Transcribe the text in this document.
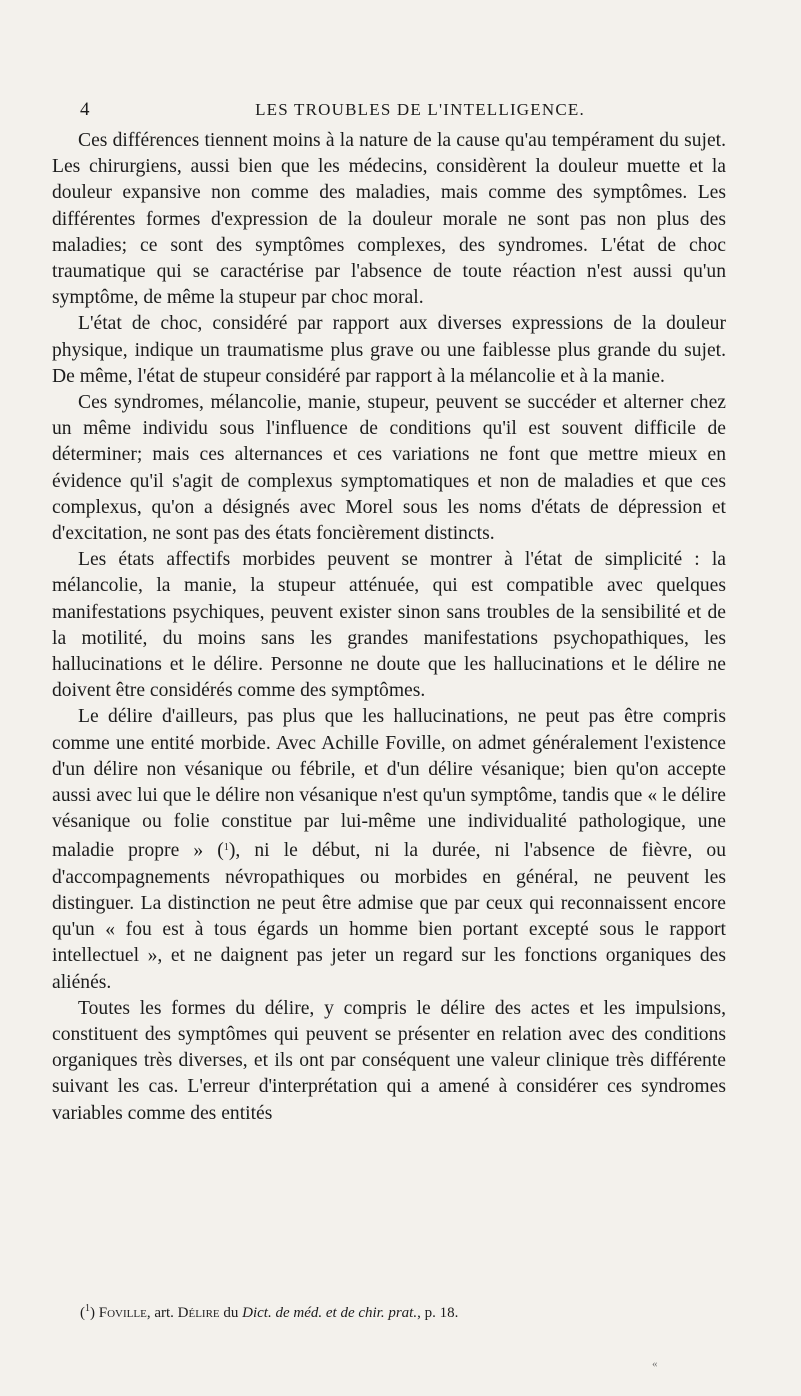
4	LES TROUBLES DE L'INTELLIGENCE.

Ces différences tiennent moins à la nature de la cause qu'au tempérament du sujet. Les chirurgiens, aussi bien que les médecins, considèrent la douleur muette et la douleur expansive non comme des maladies, mais comme des symptômes. Les différentes formes d'expression de la douleur morale ne sont pas non plus des maladies; ce sont des symptômes complexes, des syndromes. L'état de choc traumatique qui se caractérise par l'absence de toute réaction n'est aussi qu'un symptôme, de même la stupeur par choc moral.

L'état de choc, considéré par rapport aux diverses expressions de la douleur physique, indique un traumatisme plus grave ou une faiblesse plus grande du sujet. De même, l'état de stupeur considéré par rapport à la mélancolie et à la manie.

Ces syndromes, mélancolie, manie, stupeur, peuvent se succéder et alterner chez un même individu sous l'influence de conditions qu'il est souvent difficile de déterminer; mais ces alternances et ces variations ne font que mettre mieux en évidence qu'il s'agit de complexus symptomatiques et non de maladies et que ces complexus, qu'on a désignés avec Morel sous les noms d'états de dépression et d'excitation, ne sont pas des états foncièrement distincts.

Les états affectifs morbides peuvent se montrer à l'état de simplicité : la mélancolie, la manie, la stupeur atténuée, qui est compatible avec quelques manifestations psychiques, peuvent exister sinon sans troubles de la sensibilité et de la motilité, du moins sans les grandes manifestations psychopathiques, les hallucinations et le délire. Personne ne doute que les hallucinations et le délire ne doivent être considérés comme des symptômes.

Le délire d'ailleurs, pas plus que les hallucinations, ne peut pas être compris comme une entité morbide. Avec Achille Foville, on admet généralement l'existence d'un délire non vésanique ou fébrile, et d'un délire vésanique; bien qu'on accepte aussi avec lui que le délire non vésanique n'est qu'un symptôme, tandis que « le délire vésanique ou folie constitue par lui-même une individualité pathologique, une maladie propre » ($^1$), ni le début, ni la durée, ni l'absence de fièvre, ou d'accompagnements névropathiques ou morbides en général, ne peuvent les distinguer. La distinction ne peut être admise que par ceux qui reconnaissent encore qu'un « fou est à tous égards un homme bien portant excepté sous le rapport intellectuel », et ne daignent pas jeter un regard sur les fonctions organiques des aliénés.

Toutes les formes du délire, y compris le délire des actes et les impulsions, constituent des symptômes qui peuvent se présenter en relation avec des conditions organiques très diverses, et ils ont par conséquent une valeur clinique très différente suivant les cas. L'erreur d'interprétation qui a amené à considérer ces syndromes variables comme des entités

($^1$) Foville, art. Délire du Dict. de méd. et de chir. prat., p. 18.
«
